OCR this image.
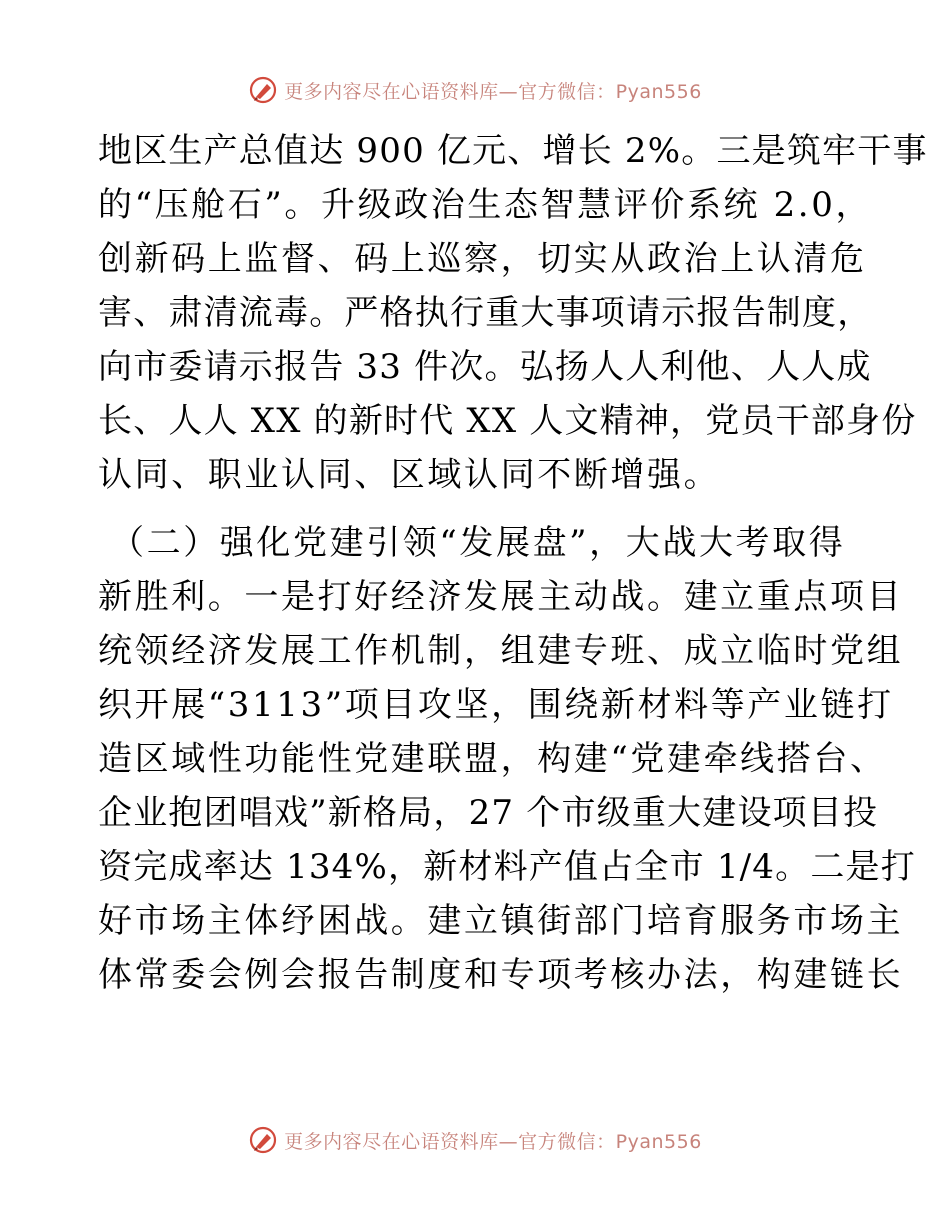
更多内容尽在心语资料库—官方微信：Pyan556
地区生产总值达 900 亿元、增长 2%。三是筑牢干事
的“压舱石”。升级政治生态智慧评价系统 2.0，
创新码上监督、码上巡察，切实从政治上认清危
害、肃清流毒。严格执行重大事项请示报告制度，
向市委请示报告 33 件次。弘扬人人利他、人人成
长、人人 XX 的新时代 XX 人文精神，党员干部身份
认同、职业认同、区域认同不断增强。
（二）强化党建引领“发展盘”，大战大考取得
新胜利。一是打好经济发展主动战。建立重点项目
统领经济发展工作机制，组建专班、成立临时党组
织开展“3113”项目攻坚，围绕新材料等产业链打
造区域性功能性党建联盟，构建“党建牵线搭台、
企业抱团唱戏”新格局，27 个市级重大建设项目投
资完成率达 134%，新材料产值占全市 1/4。二是打
好市场主体纾困战。建立镇街部门培育服务市场主
体常委会例会报告制度和专项考核办法，构建链长
更多内容尽在心语资料库—官方微信：Pyan556
